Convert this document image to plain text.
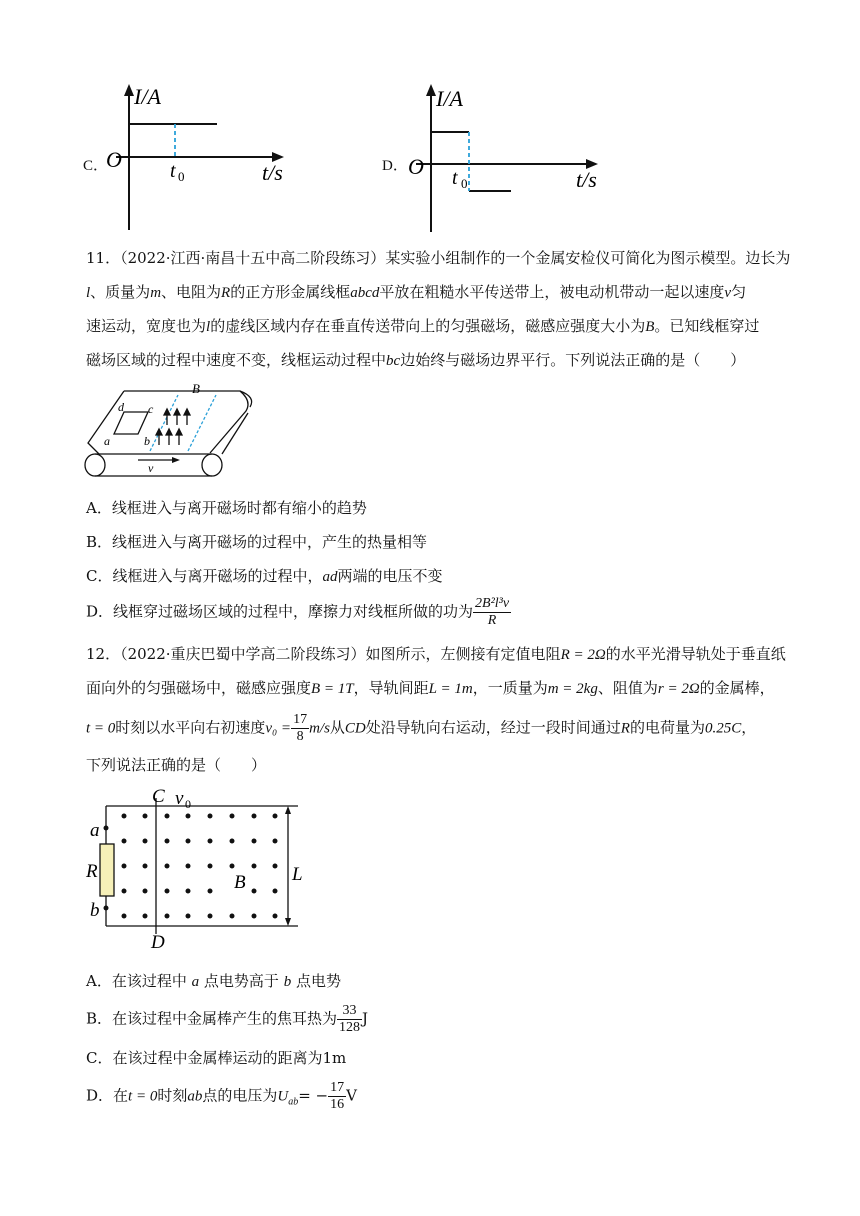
C．
I/A
O t 0	t/s	D．
I/A
O t 0	t/s
11．（2022·江西·南昌十五中高二阶段练习）某实验小组制作的一个金属安检仪可简化为图示模型。边长为
l、质量为m、电阻为R的正方形金属线框abcd平放在粗糙水平传送带上，被电动机带动一起以速度v匀
速运动，宽度也为l的虚线区域内存在垂直传送带向上的匀强磁场，磁感应强度大小为B。已知线框穿过
磁场区域的过程中速度不变，线框运动过程中bc边始终与磁场边界平行。下列说法正确的是（　　）
B
d c
a	b
v
A．线框进入与离开磁场时都有缩小的趋势
B．线框进入与离开磁场的过程中，产生的热量相等
C．线框进入与离开磁场的过程中，ad两端的电压不变
D．线框穿过磁场区域的过程中，摩擦力对线框所做的功为 $\frac{\text{2B²l³v}}{R}$
12．（2022·重庆巴蜀中学高二阶段练习）如图所示，左侧接有定值电阻R = 2Ω的水平光滑导轨处于垂直纸
面向外的匀强磁场中，磁感应强度B = 1T，导轨间距L = 1m，一质量为m = 2kg、阻值为r = 2Ω的金属棒，
t = 0时刻以水平向右初速度$v_0 = \frac{17}{8} m/s$从CD处沿导轨向右运动，经过一段时间通过R的电荷量为0.25C，
下列说法正确的是（　　）
C v 0
a
R
b
B L
D
A．在该过程中 a 点电势高于 b 点电势
B．在该过程中金属棒产生的焦耳热为 $\frac{33}{128}$ J
C．在该过程中金属棒运动的距离为1m
D．在t = 0时刻ab点的电压为$U_{ab}= - \frac{17}{16}$ V
